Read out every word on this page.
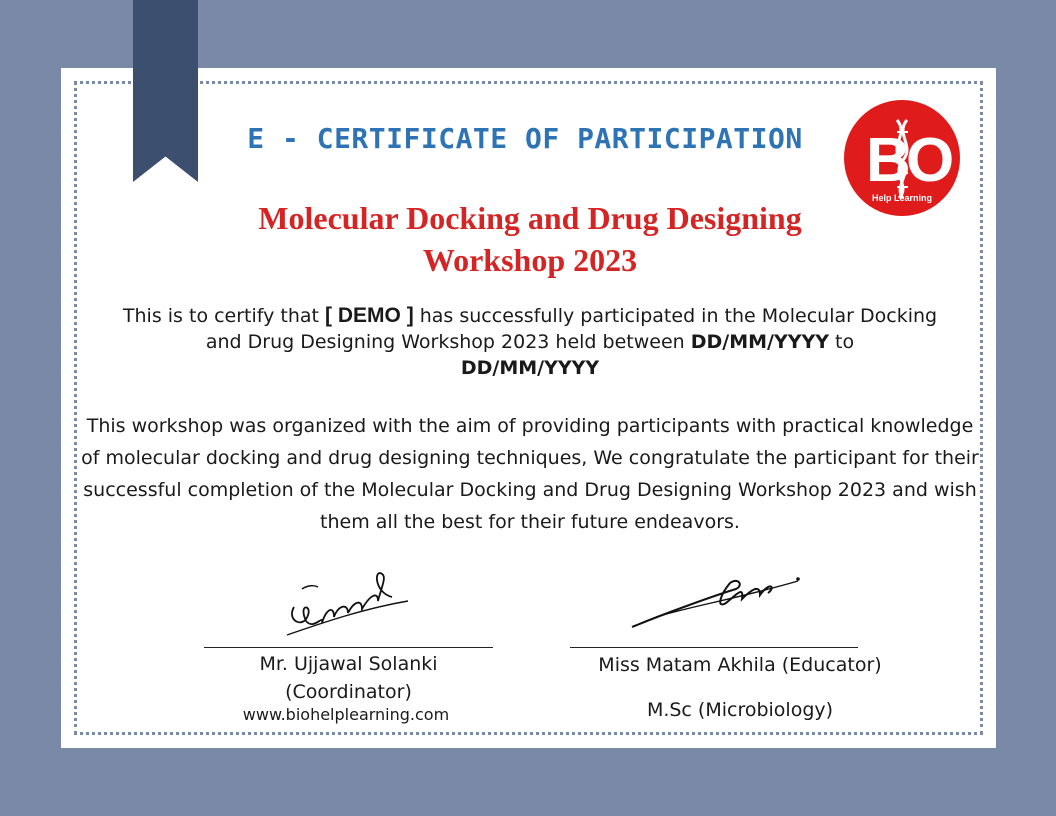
E - CERTIFICATE OF PARTICIPATION	B
O
Help Learning
Molecular Docking and Drug Designing
Workshop 2023
This is to certify that [ DEMO ] has successfully participated in the Molecular Docking and Drug Designing Workshop 2023 held between DD/MM/YYYY to
DD/MM/YYYY
This workshop was organized with the aim of providing participants with practical knowledge of molecular docking and drug designing techniques, We congratulate the participant for their successful completion of the Molecular Docking and Drug Designing Workshop 2023 and wish them all the best for their future endeavors.
Mr. Ujjawal Solanki
(Coordinator)
www.biohelplearning.com
Miss Matam Akhila (Educator)
M.Sc (Microbiology)
